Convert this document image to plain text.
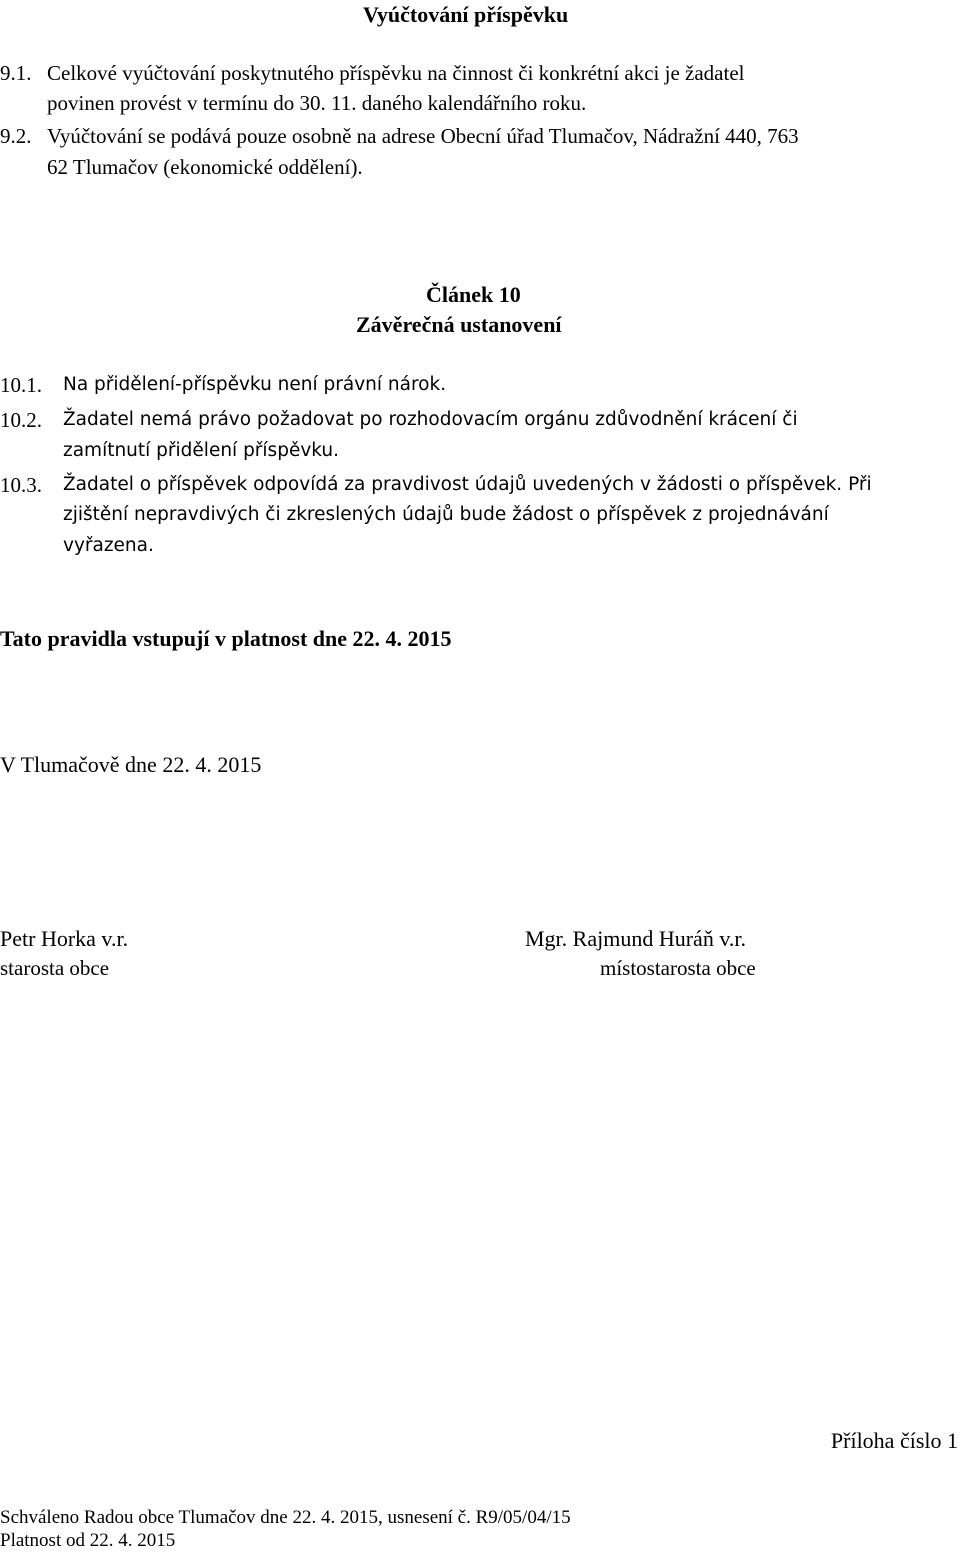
Vyúčtování příspěvku
9.1. Celkové vyúčtování poskytnutého příspěvku na činnost či konkrétní akci je žadatel
povinen provést v termínu do 30. 11. daného kalendářního roku.
9.2. Vyúčtování se podává pouze osobně na adrese Obecní úřad Tlumačov, Nádražní 440, 763
62 Tlumačov (ekonomické oddělení).
Článek 10
Závěrečná ustanovení
10.1. Na přidělení-příspěvku není právní nárok.
10.2. Žadatel nemá právo požadovat po rozhodovacím orgánu zdůvodnění krácení či
zamítnutí přidělení příspěvku.
10.3. Žadatel o příspěvek odpovídá za pravdivost údajů uvedených v žádosti o příspěvek. Při
zjištění nepravdivých či zkreslených údajů bude žádost o příspěvek z projednávání
vyřazena.
Tato pravidla vstupují v platnost dne 22. 4. 2015
V Tlumačově dne 22. 4. 2015
Petr Horka v.r.
starosta obce
Mgr. Rajmund Huráň v.r.
místostarosta obce
Příloha číslo 1
Schváleno Radou obce Tlumačov dne 22. 4. 2015, usnesení č. R9/05/04/15
Platnost od 22. 4. 2015
